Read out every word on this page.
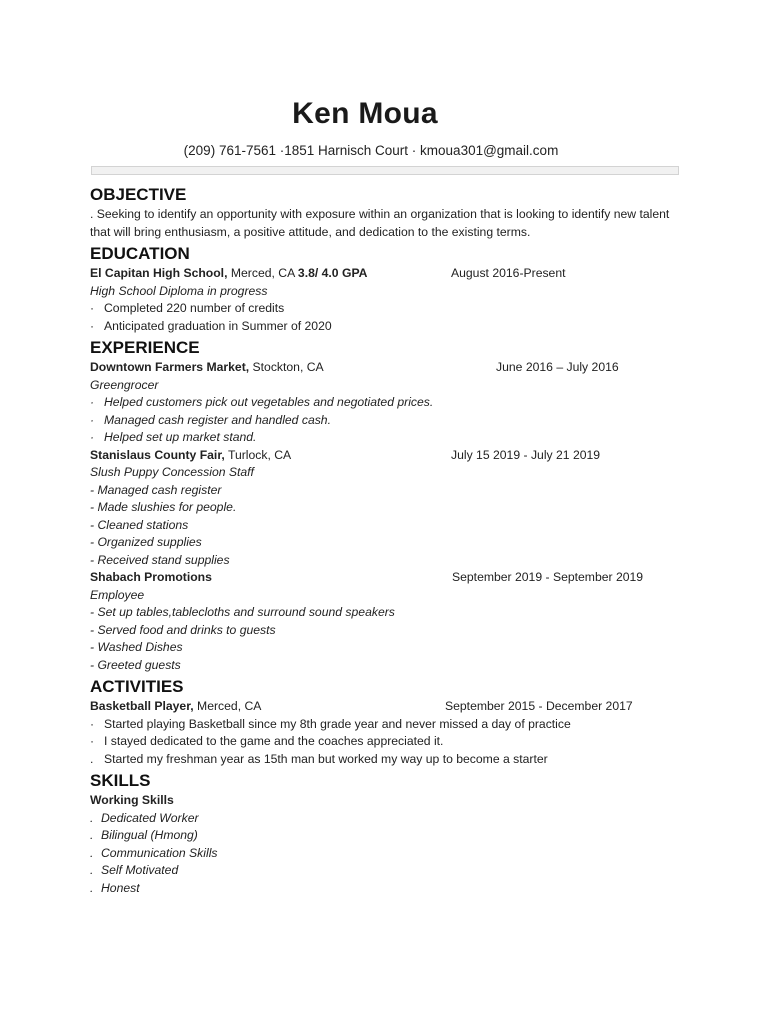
Ken Moua
(209) 761-7561 ·1851 Harnisch Court · kmoua301@gmail.com
OBJECTIVE
. Seeking to identify an opportunity with exposure within an organization that is looking to identify new talent that will bring enthusiasm, a positive attitude, and dedication to the existing terms.
EDUCATION
El Capitan High School, Merced, CA 3.8/ 4.0 GPA	August 2016-Present
High School Diploma in progress
· Completed 220 number of credits
· Anticipated graduation in Summer of 2020
EXPERIENCE
Downtown Farmers Market, Stockton, CA	June 2016 – July 2016
Greengrocer
· Helped customers pick out vegetables and negotiated prices.
· Managed cash register and handled cash.
· Helped set up market stand.
Stanislaus County Fair, Turlock, CA	July 15 2019 - July 21 2019
Slush Puppy Concession Staff
- Managed cash register
- Made slushies for people.
- Cleaned stations
- Organized supplies
- Received stand supplies
Shabach Promotions	September 2019 - September 2019
Employee
- Set up tables,tablecloths and surround sound speakers
- Served food and drinks to guests
- Washed Dishes
- Greeted guests
ACTIVITIES
Basketball Player, Merced, CA	September 2015 - December 2017
· Started playing Basketball since my 8th grade year and never missed a day of practice
· I stayed dedicated to the game and the coaches appreciated it.
. Started my freshman year as 15th man but worked my way up to become a starter
SKILLS
Working Skills
. Dedicated Worker
. Bilingual (Hmong)
. Communication Skills
. Self Motivated
. Honest
